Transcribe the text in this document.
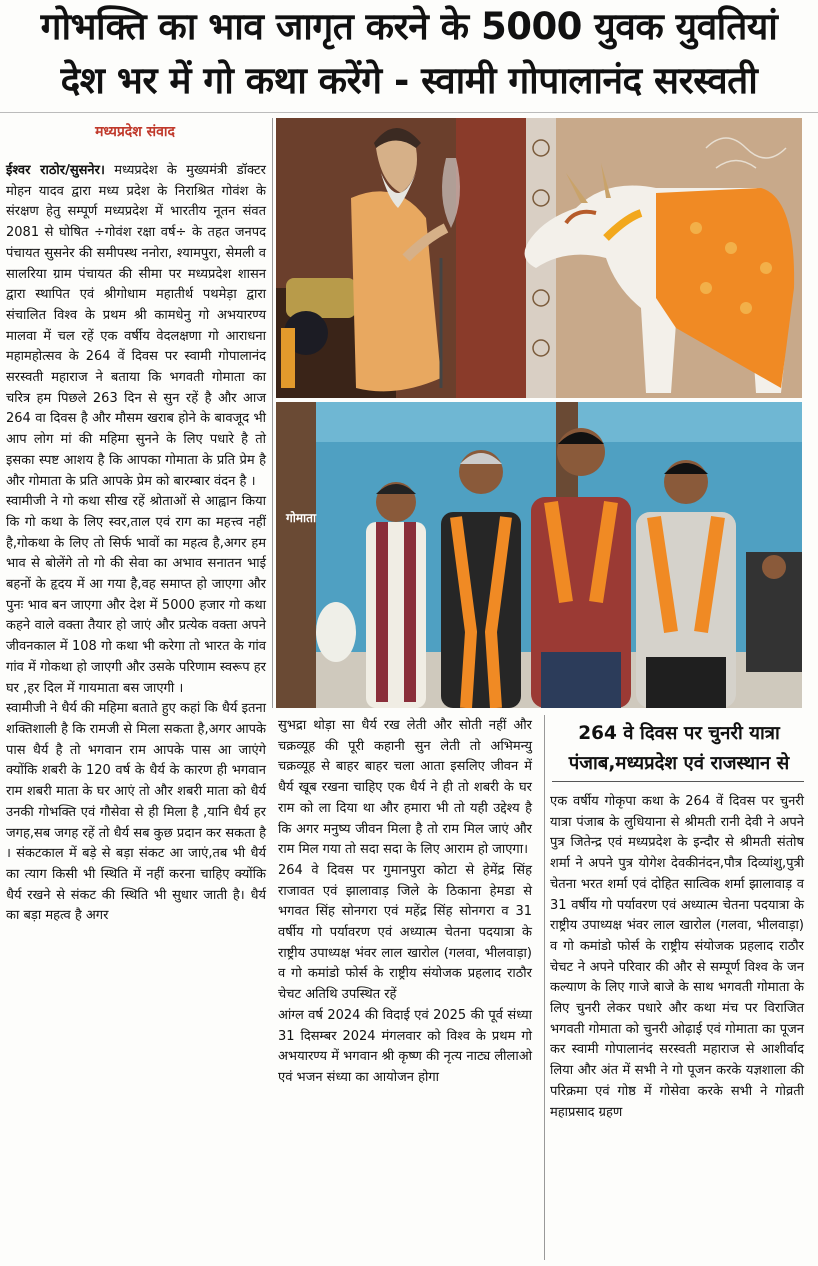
गोभक्ति का भाव जागृत करने के 5000 युवक युवतियां
देश भर में गो कथा करेंगे - स्वामी गोपालानंद सरस्वती
मध्यप्रदेश संवाद

ईश्वर राठोर/सुसनेर। मध्यप्रदेश के मुख्यमंत्री डॉक्टर मोहन यादव द्वारा मध्य प्रदेश के निराश्रित गोवंश के संरक्षण हेतु सम्पूर्ण मध्यप्रदेश में भारतीय नूतन संवत 2081 से घोषित ÷गोवंश रक्षा वर्ष÷ के तहत जनपद पंचायत सुसनेर की समीपस्थ ननोरा, श्यामपुरा, सेमली व सालरिया ग्राम पंचायत की सीमा पर मध्यप्रदेश शासन द्वारा स्थापित एवं श्रीगोधाम महातीर्थ पथमेड़ा द्वारा संचालित विश्व के प्रथम श्री कामधेनु गो अभयारण्य मालवा में चल रहें एक वर्षीय वेदलक्षणा गो आराधना महामहोत्सव के 264 वें दिवस पर स्वामी गोपालानंद सरस्वती महाराज ने बताया कि भगवती गोमाता का चरित्र हम पिछले 263 दिन से सुन रहें है और आज 264 वा दिवस है और मौसम खराब होने के बावजूद भी आप लोग मां की महिमा सुनने के लिए पधारे है तो इसका स्पष्ट आशय है कि आपका गोमाता के प्रति प्रेम है और गोमाता के प्रति आपके प्रेम को बारम्बार वंदन है ।

स्वामीजी ने गो कथा सीख रहें श्रोताओं से आह्वान किया कि गो कथा के लिए स्वर,ताल एवं राग का महत्त्व नहीं है,गोकथा के लिए तो सिर्फ भावों का महत्व है,अगर हम भाव से बोलेंगे तो गो की सेवा का अभाव सनातन भाई बहनों के हृदय में आ गया है,वह समाप्त हो जाएगा और पुनः भाव बन जाएगा और देश में 5000 हजार गो कथा कहने वाले वक्ता तैयार हो जाएं और प्रत्येक वक्ता अपने जीवनकाल में 108 गो कथा भी करेगा तो भारत के गांव गांव में गोकथा हो जाएगी और उसके परिणाम स्वरूप हर घर ,हर दिल में गायमाता बस जाएगी ।

स्वामीजी ने धैर्य की महिमा बताते हुए कहां कि धैर्य इतना शक्तिशाली है कि रामजी से मिला सकता है,अगर आपके पास धैर्य है तो भगवान राम आपके पास आ जाएंगे क्योंकि शबरी के 120 वर्ष के धैर्य के कारण ही भगवान राम शबरी माता के घर आएं तो और शबरी माता को धैर्य उनकी गोभक्ति एवं गौसेवा से ही मिला है ,यानि धैर्य हर जगह,सब जगह रहें तो धैर्य सब कुछ प्रदान कर सकता है । संकटकाल में बड़े से बड़ा संकट आ जाएं,तब भी धैर्य का त्याग किसी भी स्थिति में नहीं करना चाहिए क्योंकि धैर्य रखने से संकट की स्थिति भी सुधार जाती है। धैर्य का बड़ा महत्व है अगर

गोमाता

सुभद्रा थोड़ा सा धैर्य रख लेती और सोती नहीं और चक्रव्यूह की पूरी कहानी सुन लेती तो अभिमन्यु चक्रव्यूह से बाहर बाहर चला आता इसलिए जीवन में धैर्य खूब रखना चाहिए एक धैर्य ने ही तो शबरी के घर राम को ला दिया था और हमारा भी तो यही उद्देश्य है कि अगर मनुष्य जीवन मिला है तो राम मिल जाएं और राम मिल गया तो सदा सदा के लिए आराम हो जाएगा।

264 वे दिवस पर गुमानपुरा कोटा से हेमेंद्र सिंह राजावत एवं झालावाड़ जिले के ठिकाना हेमडा से भगवत सिंह सोनगरा एवं महेंद्र सिंह सोनगरा व 31 वर्षीय गो पर्यावरण एवं अध्यात्म चेतना पदयात्रा के राष्ट्रीय उपाध्यक्ष भंवर लाल खारोल (गलवा, भीलवाड़ा) व गो कमांडो फोर्स के राष्ट्रीय संयोजक प्रहलाद राठौर चेचट अतिथि उपस्थित रहें

आंग्ल वर्ष 2024 की विदाई एवं 2025 की पूर्व संध्या 31 दिसम्बर 2024 मंगलवार को विश्व के प्रथम गो अभयारण्य में भगवान श्री कृष्ण की नृत्य नाट्य लीलाओ एवं भजन संध्या का आयोजन होगा

264 वे दिवस पर चुनरी यात्रा
पंजाब,मध्यप्रदेश एवं राजस्थान से

एक वर्षीय गोकृपा कथा के 264 वें दिवस पर चुनरी यात्रा पंजाब के लुधियाना से श्रीमती रानी देवी ने अपने पुत्र जितेन्द्र एवं मध्यप्रदेश के इन्दौर से श्रीमती संतोष शर्मा ने अपने पुत्र योगेश देवकीनंदन,पौत्र दिव्यांशु,पुत्री चेतना भरत शर्मा एवं दोहित सात्विक शर्मा झालावाड़ व 31 वर्षीय गो पर्यावरण एवं अध्यात्म चेतना पदयात्रा के राष्ट्रीय उपाध्यक्ष भंवर लाल खारोल (गलवा, भीलवाड़ा) व गो कमांडो फोर्स के राष्ट्रीय संयोजक प्रहलाद राठौर चेचट ने अपने परिवार की और से सम्पूर्ण विश्व के जन कल्याण के लिए गाजे बाजे के साथ भगवती गोमाता के लिए चुनरी लेकर पधारे और कथा मंच पर विराजित भगवती गोमाता को चुनरी ओढ़ाई एवं गोमाता का पूजन कर स्वामी गोपालानंद सरस्वती महाराज से आशीर्वाद लिया और अंत में सभी ने गो पूजन करके यज्ञशाला की परिक्रमा एवं गोष्ठ में गोसेवा करके सभी ने गोव्रती महाप्रसाद ग्रहण
